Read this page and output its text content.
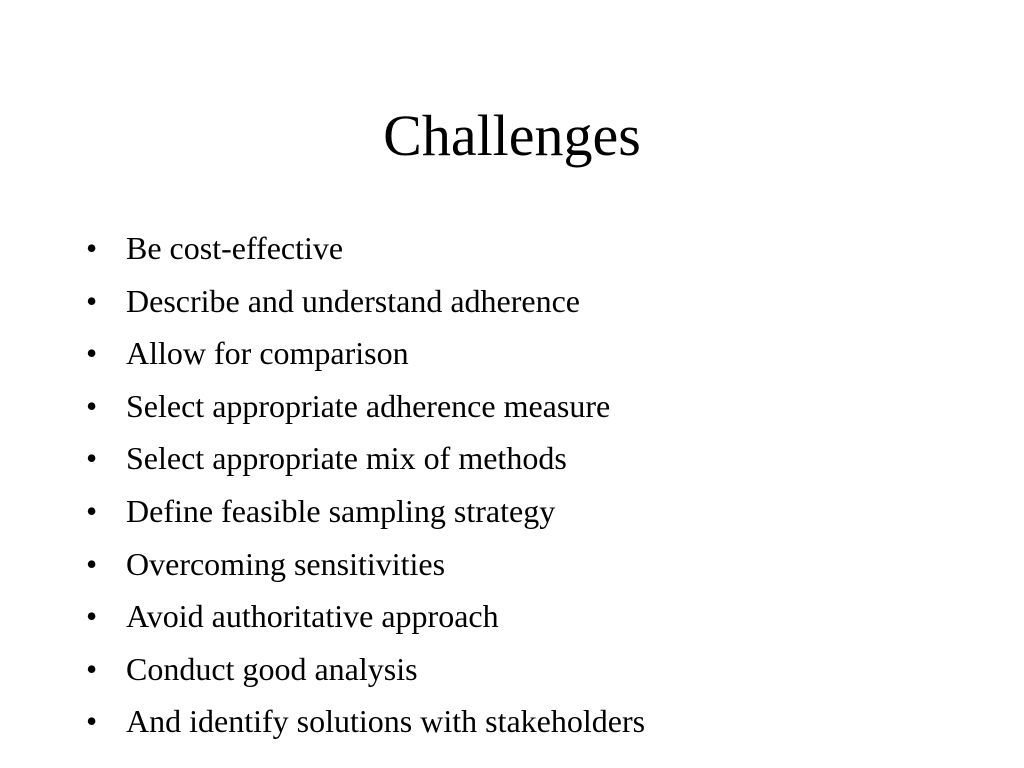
Challenges
• Be cost-effective
• Describe and understand adherence
• Allow for comparison
• Select appropriate adherence measure
• Select appropriate mix of methods
• Define feasible sampling strategy
• Overcoming sensitivities
• Avoid authoritative approach
• Conduct good analysis
• And identify solutions with stakeholders
